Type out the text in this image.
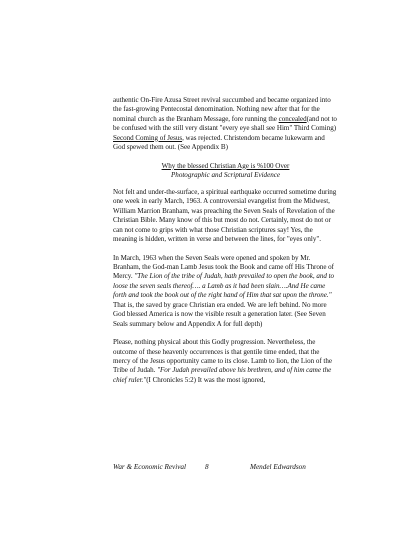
authentic On-Fire Azusa Street revival succumbed and became organized into the fast-growing Pentecostal denomination. Nothing new after that for the nominal church as the Branham Message, fore running the concealed(and not to be confused with the still very distant "every eye shall see Him" Third Coming) Second Coming of Jesus, was rejected. Christendom became lukewarm and God spewed them out. (See Appendix B)

Why the blessed Christian Age is %100 Over
Photographic and Scriptural Evidence

Not felt and under-the-surface, a spiritual earthquake occurred sometime during one week in early March, 1963. A controversial evangelist from the Midwest, William Marrion Branham, was preaching the Seven Seals of Revelation of the Christian Bible. Many know of this but most do not. Certainly, most do not or can not come to grips with what those Christian scriptures say! Yes, the meaning is hidden, written in verse and between the lines, for "eyes only".

In March, 1963 when the Seven Seals were opened and spoken by Mr. Branham, the God-man Lamb Jesus took the Book and came off His Throne of Mercy. "The Lion of the tribe of Judah, hath prevailed to open the book, and to loose the seven seals thereof…. a Lamb as it had been slain….And He came forth and took the book out of the right hand of Him that sat upon the throne." That is, the saved by grace Christian era ended. We are left behind. No more God blessed America is now the visible result a generation later. (See Seven Seals summary below and Appendix A for full depth)

Please, nothing physical about this Godly progression. Nevertheless, the outcome of these heavenly occurrences is that gentile time ended, that the mercy of the Jesus opportunity came to its close. Lamb to lion, the Lion of the Tribe of Judah. "For Judah prevailed above his brethren, and of him came the chief ruler."(I Chronicles 5:2) It was the most ignored,

War & Economic Revival	8	Mendel Edwardson
